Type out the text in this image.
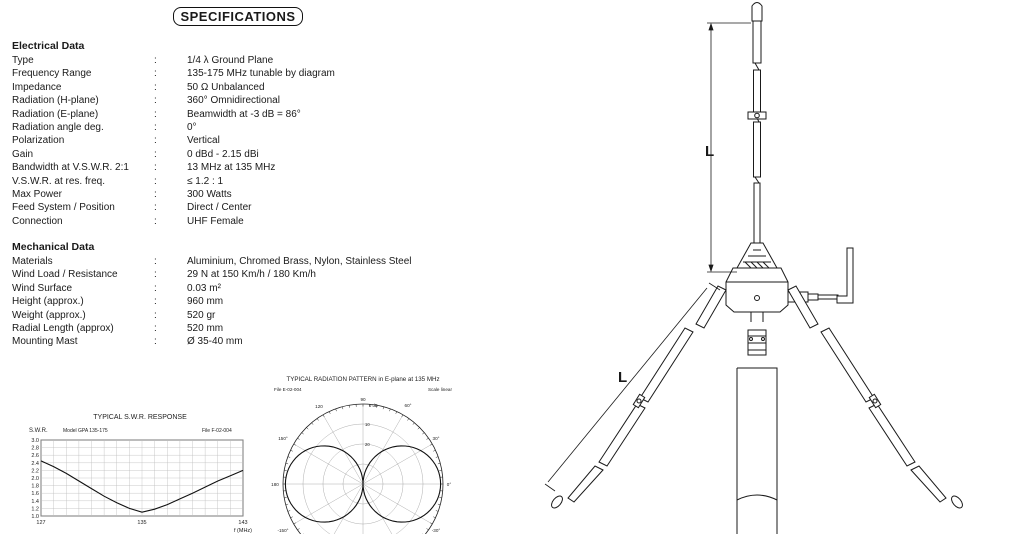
SPECIFICATIONS
Electrical Data
Type	:	1/4 λ Ground Plane
Frequency Range	:	135-175 MHz tunable by diagram
Impedance	:	50 Ω Unbalanced
Radiation (H-plane)	:	360° Omnidirectional
Radiation (E-plane)	:	Beamwidth at -3 dB = 86°
Radiation angle deg.	:	0°
Polarization	:	Vertical
Gain	:	0 dBd - 2.15 dBi
Bandwidth at V.S.W.R. 2:1	:	13 MHz at 135 MHz
V.S.W.R. at res. freq.	:	≤ 1.2 : 1
Max Power	:	300 Watts
Feed System / Position	:	Direct / Center
Connection	:	UHF Female
Mechanical Data
Materials	:	Aluminium, Chromed Brass, Nylon, Stainless Steel
Wind Load / Resistance	:	29 N at 150 Km/h / 180 Km/h
Wind Surface	:	0.03 m²
Height (approx.)	:	960 mm
Weight (approx.)	:	520 gr
Radial Length (approx)	:	520 mm
Mounting Mast	:	Ø 35-40 mm
TYPICAL S.W.R. RESPONSE
S.W.R.	Model GPA 135-175	File F-02-004
f (MHz)
3.0
2.8
2.6
2.4
2.2
2.0
1.8
1.6
1.4
1.2
1.0
127	135	143
TYPICAL RADIATION PATTERN in E-plane at 135 MHz
File E-02-004	Scale linear
90
60°
30°
0°
-30°
150°
180
-150°
120	0 dB
10
20
L
L
